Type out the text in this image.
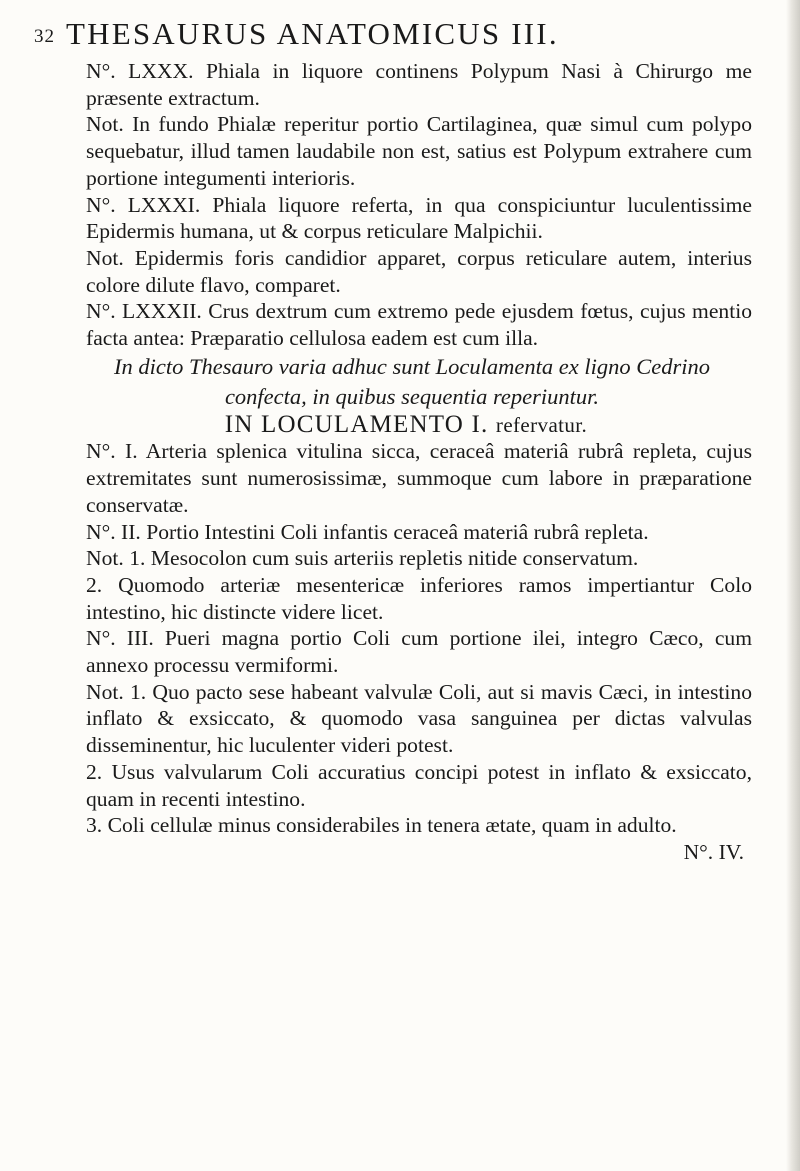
32 THESAURUS ANATOMICUS III.

N°. LXXX. Phiala in liquore continens Polypum Nasi à Chirurgo me præsente extractum.

Not. In fundo Phialæ reperitur portio Cartilaginea, quæ simul cum polypo sequebatur, illud tamen laudabile non est, satius est Polypum extrahere cum portione integumenti interioris.

N°. LXXXI. Phiala liquore referta, in qua conspiciuntur luculentissime Epidermis humana, ut & corpus reticulare Malpichii.

Not. Epidermis foris candidior apparet, corpus reticulare autem, interius colore dilute flavo, comparet.

N°. LXXXII. Crus dextrum cum extremo pede ejusdem fœtus, cujus mentio facta antea: Præparatio cellulosa eadem est cum illa.

In dicto Thesauro varia adhuc sunt Loculamenta ex ligno Cedrino confecta, in quibus sequentia reperiuntur.

IN LOCULAMENTO I. refervatur.

N°. I. Arteria splenica vitulina sicca, ceraceâ materiâ rubrâ repleta, cujus extremitates sunt numerosissimæ, summoque cum labore in præparatione conservatæ.

N°. II. Portio Intestini Coli infantis ceraceâ materiâ rubrâ repleta.

Not. 1. Mesocolon cum suis arteriis repletis nitide conservatum.

2. Quomodo arteriæ mesentericæ inferiores ramos impertiantur Colo intestino, hic distincte videre licet.

N°. III. Pueri magna portio Coli cum portione ilei, integro Cæco, cum annexo processu vermiformi.

Not. 1. Quo pacto sese habeant valvulæ Coli, aut si mavis Cæci, in intestino inflato & exsiccato, & quomodo vasa sanguinea per dictas valvulas disseminentur, hic luculenter videri potest.

2. Usus valvularum Coli accuratius concipi potest in inflato & exsiccato, quam in recenti intestino.

3. Coli cellulæ minus considerabiles in tenera ætate, quam in adulto.

N°. IV.
